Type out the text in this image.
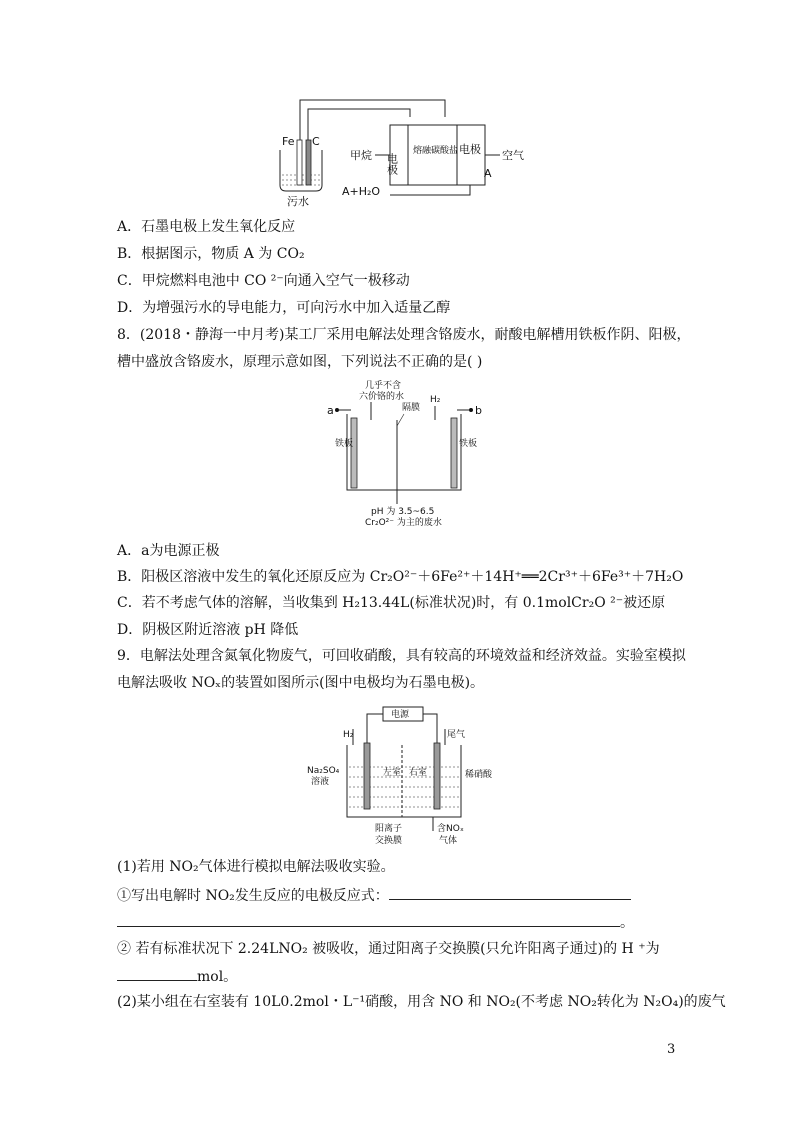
Fe C
污水
电极
电极
熔融碳酸盐
甲烷	空气
A
A+H₂O
A．石墨电极上发生氧化反应
B．根据图示，物质 A 为 CO₂
C．甲烷燃料电池中 CO ²⁻向通入空气一极移动
D．为增强污水的导电能力，可向污水中加入适量乙醇
8．(2018・静海一中月考)某工厂采用电解法处理含铬废水，耐酸电解槽用铁板作阴、阳极，
槽中盛放含铬废水，原理示意如图，下列说法不正确的是( )
几乎不含
六价铬的水
隔膜
H₂
a	b
铁板	铁板
pH 为 3.5~6.5
Cr₂O²⁻ 为主的废水
A．a为电源正极
B．阳极区溶液中发生的氧化还原反应为 Cr₂O²⁻＋6Fe²⁺＋14H⁺══2Cr³⁺＋6Fe³⁺＋7H₂O
C．若不考虑气体的溶解，当收集到 H₂13.44L(标准状况)时，有 0.1molCr₂O ²⁻被还原
D．阴极区附近溶液 pH 降低
9．电解法处理含氮氧化物废气，可回收硝酸，具有较高的环境效益和经济效益。实验室模拟
电解法吸收 NOₓ的装置如图所示(图中电极均为石墨电极)。
电源
H₂	尾气
左室 右室
Na₂SO₄
溶液
稀硝酸
阳离子
交换膜
含NOₓ
气体
(1)若用 NO₂气体进行模拟电解法吸收实验。
①写出电解时 NO₂发生反应的电极反应式：
。
② 若有标准状况下 2.24LNO₂ 被吸收，通过阳离子交换膜(只允许阳离子通过)的 H ⁺为
mol。
(2)某小组在右室装有 10L0.2mol・L⁻¹硝酸，用含 NO 和 NO₂(不考虑 NO₂转化为 N₂O₄)的废气
3
